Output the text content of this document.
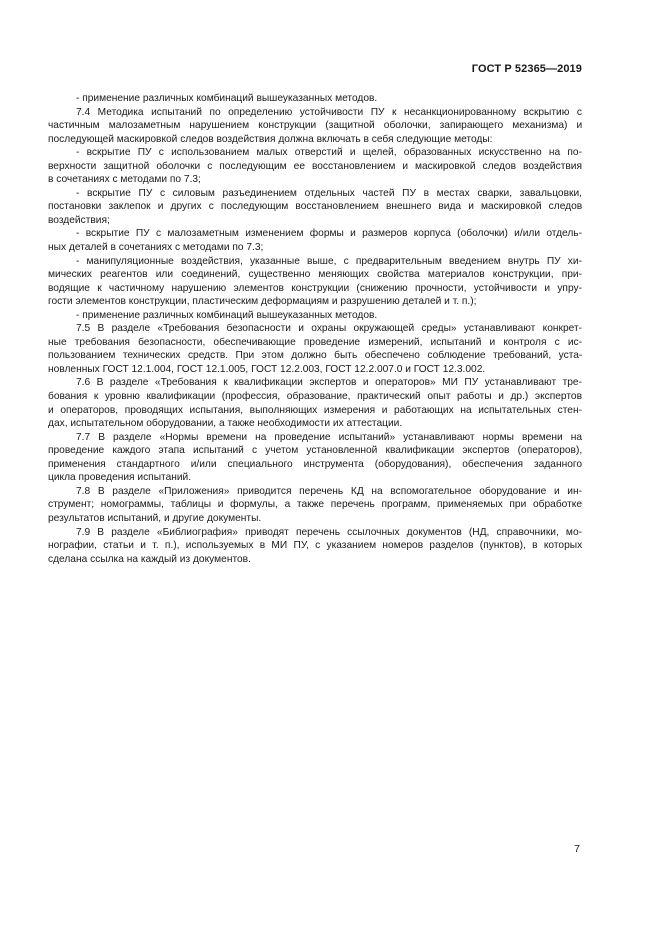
ГОСТ Р 52365—2019
- применение различных комбинаций вышеуказанных методов.
7.4 Методика испытаний по определению устойчивости ПУ к несанкционированному вскрытию с
частичным малозаметным нарушением конструкции (защитной оболочки, запирающего механизма) и
последующей маскировкой следов воздействия должна включать в себя следующие методы:
- вскрытие ПУ с использованием малых отверстий и щелей, образованных искусственно на по-
верхности защитной оболочки с последующим ее восстановлением и маскировкой следов воздействия
в сочетаниях с методами по 7.3;
- вскрытие ПУ с силовым разъединением отдельных частей ПУ в местах сварки, завальцовки,
постановки заклепок и других с последующим восстановлением внешнего вида и маскировкой следов
воздействия;
- вскрытие ПУ с малозаметным изменением формы и размеров корпуса (оболочки) и/или отдель-
ных деталей в сочетаниях с методами по 7.3;
- манипуляционные воздействия, указанные выше, с предварительным введением внутрь ПУ хи-
мических реагентов или соединений, существенно меняющих свойства материалов конструкции, при-
водящие к частичному нарушению элементов конструкции (снижению прочности, устойчивости и упру-
гости элементов конструкции, пластическим деформациям и разрушению деталей и т. п.);
- применение различных комбинаций вышеуказанных методов.
7.5 В разделе «Требования безопасности и охраны окружающей среды» устанавливают конкрет-
ные требования безопасности, обеспечивающие проведение измерений, испытаний и контроля с ис-
пользованием технических средств. При этом должно быть обеспечено соблюдение требований, уста-
новленных ГОСТ 12.1.004, ГОСТ 12.1.005, ГОСТ 12.2.003, ГОСТ 12.2.007.0 и ГОСТ 12.3.002.
7.6 В разделе «Требования к квалификации экспертов и операторов» МИ ПУ устанавливают тре-
бования к уровню квалификации (профессия, образование, практический опыт работы и др.) экспертов
и операторов, проводящих испытания, выполняющих измерения и работающих на испытательных стен-
дах, испытательном оборудовании, а также необходимости их аттестации.
7.7 В разделе «Нормы времени на проведение испытаний» устанавливают нормы времени на
проведение каждого этапа испытаний с учетом установленной квалификации экспертов (операторов),
применения стандартного и/или специального инструмента (оборудования), обеспечения заданного
цикла проведения испытаний.
7.8 В разделе «Приложения» приводится перечень КД на вспомогательное оборудование и ин-
струмент; номограммы, таблицы и формулы, а также перечень программ, применяемых при обработке
результатов испытаний, и другие документы.
7.9 В разделе «Библиография» приводят перечень ссылочных документов (НД, справочники, мо-
нографии, статьи и т. п.), используемых в МИ ПУ, с указанием номеров разделов (пунктов), в которых
сделана ссылка на каждый из документов.
7
